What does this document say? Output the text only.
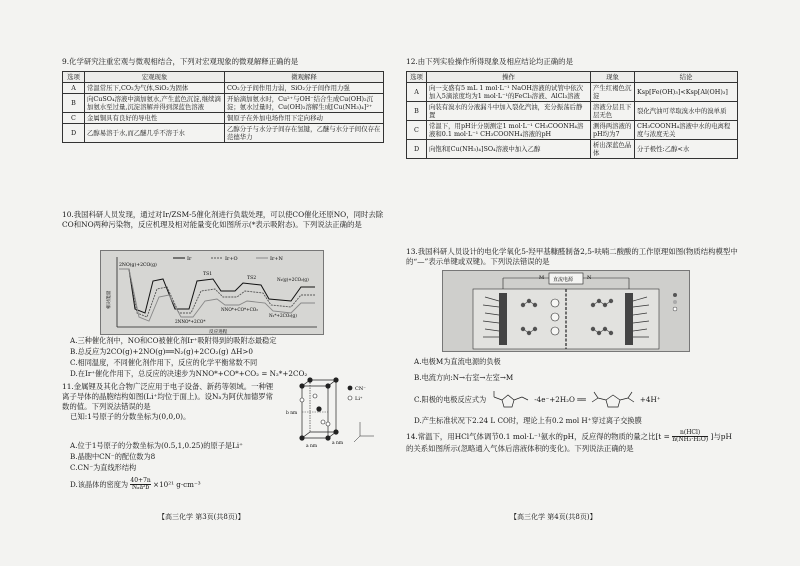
9.化学研究注重宏观与微观相结合，下列对宏观现象的微观解释正确的是
选项	宏观现象	微观解释
A	常温常压下,CO₂为气体,SiO₂为固体	CO₂分子间作用力弱，SiO₂分子间作用力强
B	向CuSO₄溶液中滴加氨水,产生蓝色沉淀,继续滴加氨水至过量,沉淀溶解并得到深蓝色溶液	开始滴加氨水时，Cu²⁺与OH⁻结合生成Cu(OH)₂沉淀；氨水过量时，Cu(OH)₂溶解生成[Cu(NH₃)₄]²⁺
C	金属铜具有良好的导电性	铜原子在外加电场作用下定向移动
D	乙醇易溶于水,而乙醚几乎不溶于水	乙醇分子与水分子间存在氢键，乙醚与水分子间仅存在范德华力
10.我国科研人员发现，通过对Ir/ZSM-5催化剂进行负载处理，可以使CO催化还原NO，同时去除CO和NO两种污染物，反应机理及相对能量变化如图所示(*表示吸附态)。下列说法正确的是
Ir	Ir+O	Ir+N
2NO(g)+2CO(g)
TS1
TS2
2NNO*+2CO*
NNO*+CO*+CO₂
N₂*+2CO₂(g)
N₂(g)+2CO₂(g)
反应进程
相对能量
A.三种催化剂中，NO和CO被催化剂Ir⁺吸附得到的吸附态最稳定
B.总反应为2CO(g)+2NO(g)══N₂(g)+2CO₂(g) ΔH>0
C.相同温度，不同催化剂作用下，反应的化学平衡常数不同
D.在Ir⁺催化作用下，总反应的决速步为NNO*+CO*+CO₂ = N₂*+2CO₂
11.金属锂及其化合物广泛应用于电子设备、新药等领域。一种锂离子导体的晶胞结构如图(Li⁺均位于面上)。设Nₐ为阿伏加德罗常数的值。下列说法错误的是
已知:1号原子的分数坐标为(0,0,0)。
CN⁻
Li⁺
b nm
a nm
a nm
A.位于1号原子的分数坐标为(0.5,1,0.25)的原子是Li⁺
B.晶胞中CN⁻的配位数为8
C.CN⁻为直线形结构
D.该晶体的密度为 $\frac{40+7n}{\text{Nₐa²b}} \times 10^{21}$ g·cm⁻³
【高三化学 第3页(共8页)】
12.由下列实验操作所得现象及相应结论均正确的是
选项	操作	现象	结论
A	向一支盛有5 mL 1 mol·L⁻¹ NaOH溶液的试管中依次加入5滴浓度均为1 mol·L⁻¹的FeCl₃溶液、AlCl₃溶液	产生红褐色沉淀	Ksp[Fe(OH)₃]<Ksp[Al(OH)₃]
B	向装有溴水的分液漏斗中加入裂化汽油，充分振荡后静置	溶液分层且下层无色	裂化汽油可萃取溴水中的溴单质
C	常温下，用pH计分别测定1 mol·L⁻¹ CH₃COONH₄溶液和0.1 mol·L⁻¹ CH₃COONH₄溶液的pH	测得两溶液的pH均为7	CH₃COONH₄溶液中水的电离程度与浓度无关
D	向饱和[Cu(NH₃)₄]SO₄溶液中加入乙醇	析出深蓝色晶体	分子极性:乙醇<水
13.我国科研人员设计的电化学氧化5-羟甲基糠醛制备2,5-呋喃二酸酸的工作原理如图(物质结构模型中的“—”表示单键或双键)。下列说法错误的是
直流电源
M	N
A.电极M为直流电源的负极
B.电流方向:N→右室→左室→M
C.阳极的电极反应式为	-4e⁻+2H₂O ══	+4H⁺
D.产生标准状况下2.24 L CO时，理论上有0.2 mol H⁺穿过离子交换膜
14.常温下，用HCl气体调节0.1 mol·L⁻¹氨水的pH，反应得的物质的量之比[$t = \frac{\text{n(HCl)}}{\text{n(NH₃·H₂O)}}$ ]与pH的关系如图所示(忽略通入气体后溶液体积的变化)。下列说法正确的是
【高三化学 第4页(共8页)】
